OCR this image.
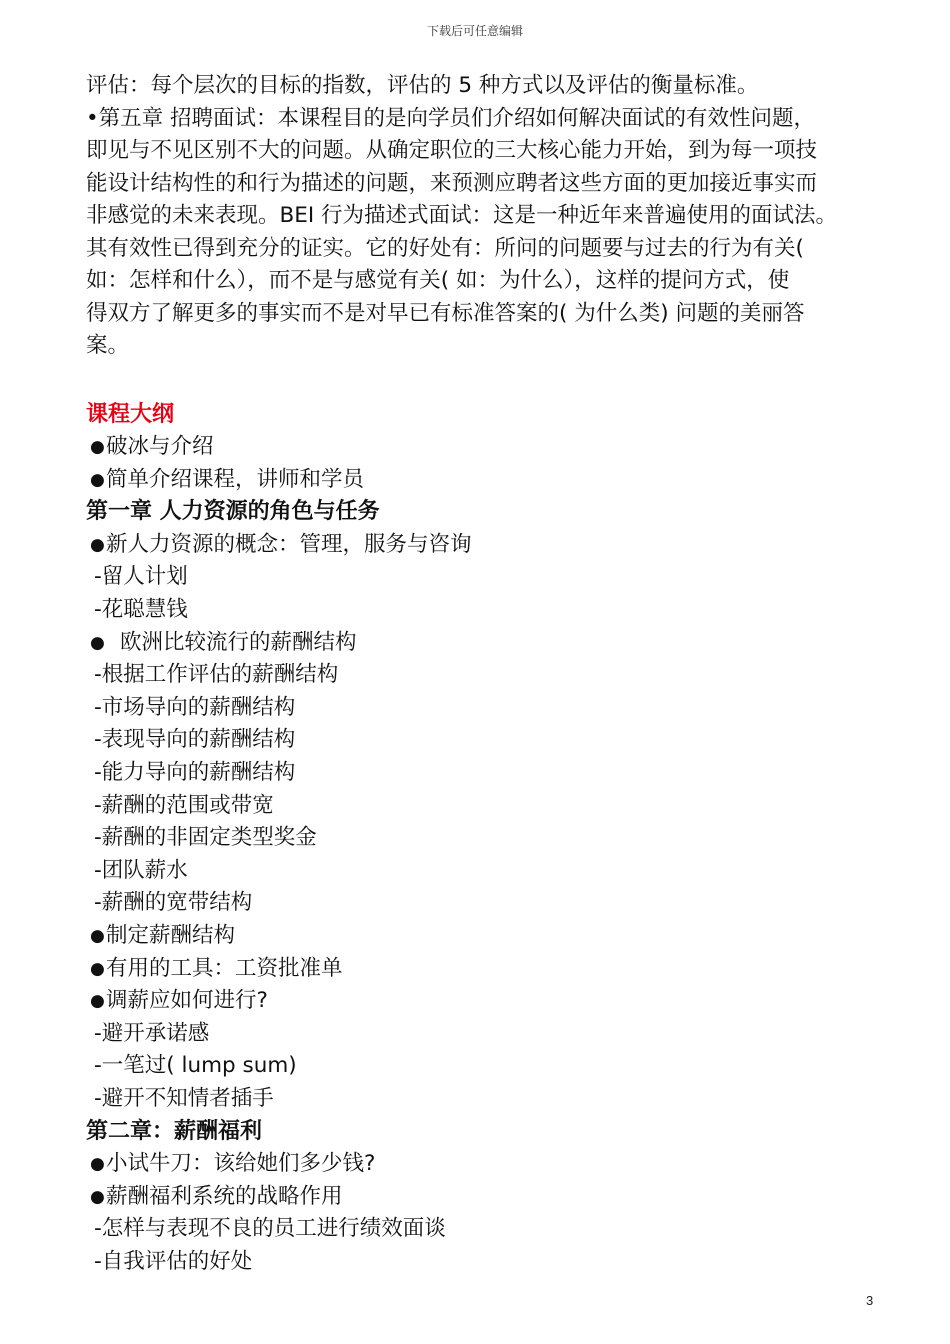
下载后可任意编辑

评估：每个层次的目标的指数，评估的 5 种方式以及评估的衡量标准。

•第五章 招聘面试：本课程目的是向学员们介绍如何解决面试的有效性问题，

即见与不见区别不大的问题。从确定职位的三大核心能力开始，到为每一项技

能设计结构性的和行为描述的问题，来预测应聘者这些方面的更加接近事实而

非感觉的未来表现。BEI 行为描述式面试：这是一种近年来普遍使用的面试法。

其有效性已得到充分的证实。它的好处有：所问的问题要与过去的行为有关(

如：怎样和什么），而不是与感觉有关( 如：为什么），这样的提问方式，使

得双方了解更多的事实而不是对早已有标准答案的( 为什么类) 问题的美丽答

案。

课程大纲
●破冰与介绍
●简单介绍课程，讲师和学员
第一章 人力资源的角色与任务
●新人力资源的概念：管理，服务与咨询
-留人计划
-花聪慧钱
● 欧洲比较流行的薪酬结构
-根据工作评估的薪酬结构
-市场导向的薪酬结构
-表现导向的薪酬结构
-能力导向的薪酬结构
-薪酬的范围或带宽
-薪酬的非固定类型奖金
-团队薪水
-薪酬的宽带结构
●制定薪酬结构
●有用的工具：工资批准单
●调薪应如何进行?
-避开承诺感
-一笔过( lump sum)
-避开不知情者插手
第二章：薪酬福利
●小试牛刀：该给她们多少钱?
●薪酬福利系统的战略作用
-怎样与表现不良的员工进行绩效面谈
-自我评估的好处
3
